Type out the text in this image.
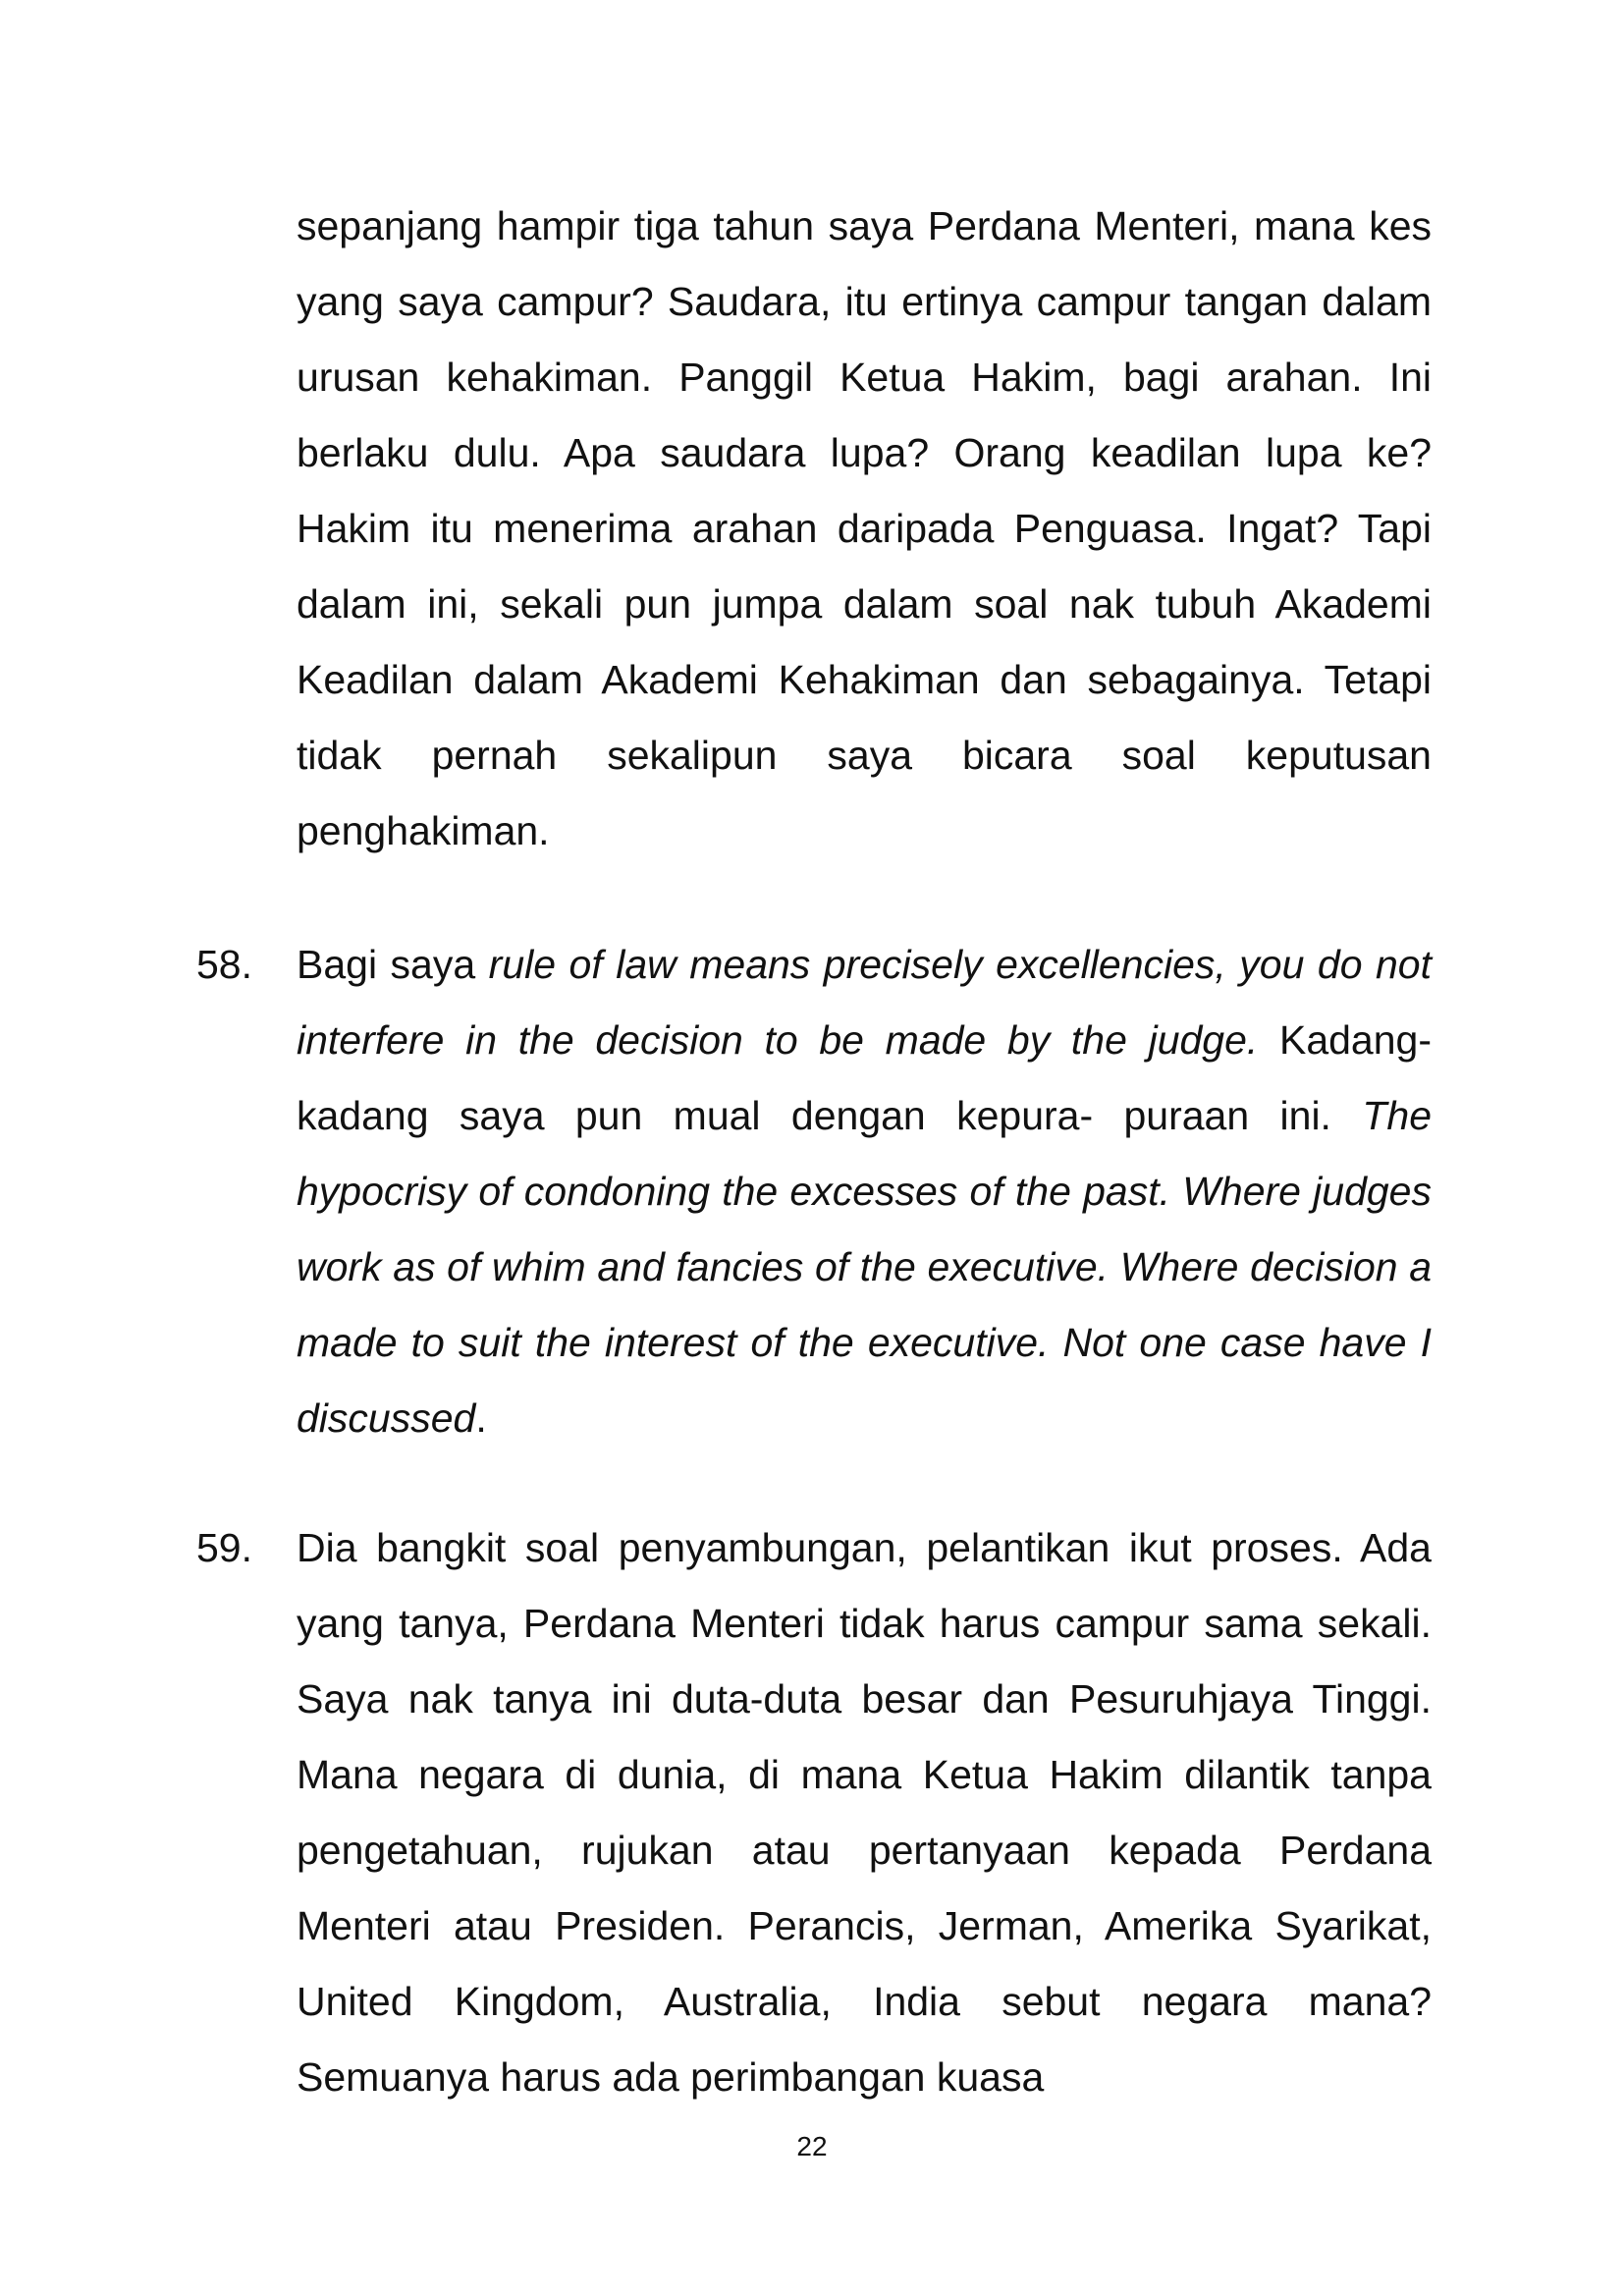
sepanjang hampir tiga tahun saya Perdana Menteri, mana kes yang saya campur? Saudara, itu ertinya campur tangan dalam urusan kehakiman. Panggil Ketua Hakim, bagi arahan. Ini berlaku dulu. Apa saudara lupa? Orang keadilan lupa ke? Hakim itu menerima arahan daripada Penguasa. Ingat? Tapi dalam ini, sekali pun jumpa dalam soal nak tubuh Akademi Keadilan dalam Akademi Kehakiman dan sebagainya. Tetapi tidak pernah sekalipun saya bicara soal keputusan penghakiman.

58. Bagi saya rule of law means precisely excellencies, you do not interfere in the decision to be made by the judge. Kadang-kadang saya pun mual dengan kepura- puraan ini. The hypocrisy of condoning the excesses of the past. Where judges work as of whim and fancies of the executive. Where decision a made to suit the interest of the executive. Not one case have I discussed.

59. Dia bangkit soal penyambungan, pelantikan ikut proses. Ada yang tanya, Perdana Menteri tidak harus campur sama sekali. Saya nak tanya ini duta-duta besar dan Pesuruhjaya Tinggi. Mana negara di dunia, di mana Ketua Hakim dilantik tanpa pengetahuan, rujukan atau pertanyaan kepada Perdana Menteri atau Presiden. Perancis, Jerman, Amerika Syarikat, United Kingdom, Australia, India sebut negara mana? Semuanya harus ada perimbangan kuasa

22
